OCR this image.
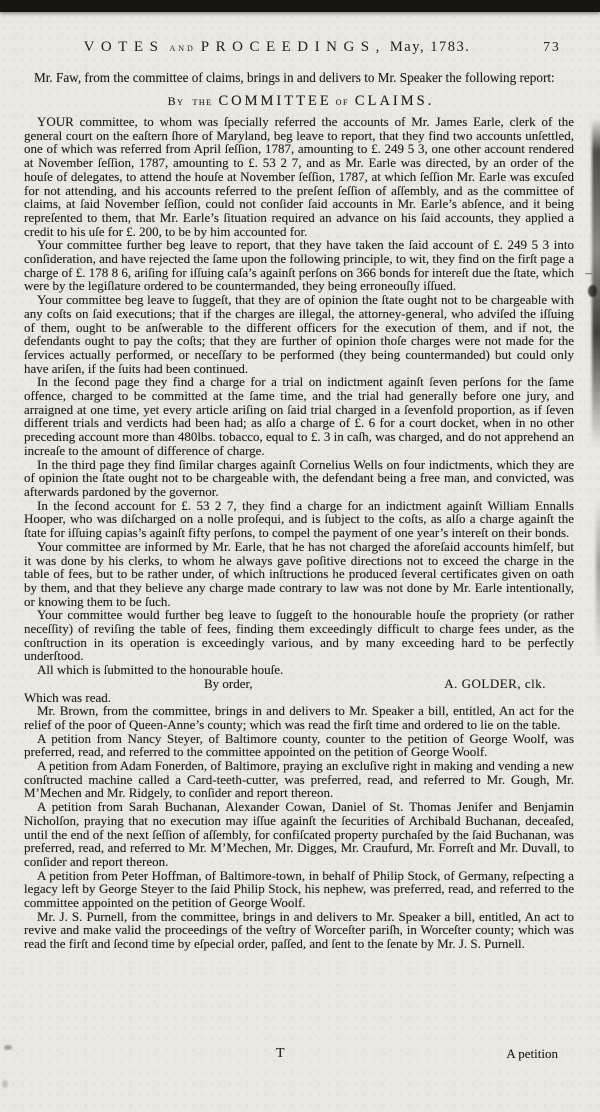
VOTES and PROCEEDINGS, May, 1783.	73

Mr. Faw, from the committee of claims, brings in and delivers to Mr. Speaker the following report:

By the COMMITTEE of CLAIMS.

YOUR committee, to whom was ſpecially referred the accounts of Mr. James Earle, clerk of the general court on the eaſtern ſhore of Maryland, beg leave to report, that they find two accounts unſettled, one of which was referred from April ſeſſion, 1787, amounting to £. 249 5 3, one other account rendered at November ſeſſion, 1787, amounting to £. 53 2 7, and as Mr. Earle was directed, by an order of the houſe of delegates, to attend the houſe at November ſeſſion, 1787, at which ſeſſion Mr. Earle was excuſed for not attending, and his accounts referred to the preſent ſeſſion of aſſembly, and as the committee of claims, at ſaid November ſeſſion, could not conſider ſaid accounts in Mr. Earle’s abſence, and it being repreſented to them, that Mr. Earle’s ſituation required an advance on his ſaid accounts, they applied a credit to his uſe for £. 200, to be by him accounted for.

Your committee further beg leave to report, that they have taken the ſaid account of £. 249 5 3 into conſideration, and have rejected the ſame upon the following principle, to wit, they find on the firſt page a charge of £. 178 8 6, ariſing for iſſuing caſa’s againſt perſons on 366 bonds for intereſt due the ſtate, which were by the legiſlature ordered to be countermanded, they being erroneouſly iſſued.

Your committee beg leave to ſuggeſt, that they are of opinion the ſtate ought not to be chargeable with any coſts on ſaid executions; that if the charges are illegal, the attorney-general, who adviſed the iſſuing of them, ought to be anſwerable to the different officers for the execution of them, and if not, the defendants ought to pay the coſts; that they are further of opinion thoſe charges were not made for the ſervices actually performed, or neceſſary to be performed (they being countermanded) but could only have ariſen, if the ſuits had been continued.

In the ſecond page they find a charge for a trial on indictment againſt ſeven perſons for the ſame offence, charged to be committed at the ſame time, and the trial had generally before one jury, and arraigned at one time, yet every article ariſing on ſaid trial charged in a ſevenfold proportion, as if ſeven different trials and verdicts had been had; as alſo a charge of £. 6 for a court docket, when in no other preceding account more than 480lbs. tobacco, equal to £. 3 in caſh, was charged, and do not apprehend an increaſe to the amount of difference of charge.

In the third page they find ſimilar charges againſt Cornelius Wells on four indictments, which they are of opinion the ſtate ought not to be chargeable with, the defendant being a free man, and convicted, was afterwards pardoned by the governor.

In the ſecond account for £. 53 2 7, they find a charge for an indictment againſt William Ennalls Hooper, who was diſcharged on a nolle proſequi, and is ſubject to the coſts, as alſo a charge againſt the ſtate for iſſuing capias’s againſt fifty perſons, to compel the payment of one year’s intereſt on their bonds.

Your committee are informed by Mr. Earle, that he has not charged the aforeſaid accounts himſelf, but it was done by his clerks, to whom he always gave poſitive directions not to exceed the charge in the table of fees, but to be rather under, of which inſtructions he produced ſeveral certificates given on oath by them, and that they believe any charge made contrary to law was not done by Mr. Earle intentionally, or knowing them to be ſuch.

Your committee would further beg leave to ſuggeſt to the honourable houſe the propriety (or rather neceſſity) of reviſing the table of fees, finding them exceedingly difficult to charge fees under, as the conſtruction in its operation is exceedingly various, and by many exceeding hard to be perfectly underſtood.

All which is ſubmitted to the honourable houſe.

By order,	A. GOLDER, clk.

Which was read.

Mr. Brown, from the committee, brings in and delivers to Mr. Speaker a bill, entitled, An act for the relief of the poor of Queen-Anne’s county; which was read the firſt time and ordered to lie on the table.

A petition from Nancy Steyer, of Baltimore county, counter to the petition of George Woolf, was preferred, read, and referred to the committee appointed on the petition of George Woolf.

A petition from Adam Fonerden, of Baltimore, praying an excluſive right in making and vending a new conſtructed machine called a Card-teeth-cutter, was preferred, read, and referred to Mr. Gough, Mr. M’Mechen and Mr. Ridgely, to conſider and report thereon.

A petition from Sarah Buchanan, Alexander Cowan, Daniel of St. Thomas Jenifer and Benjamin Nicholſon, praying that no execution may iſſue againſt the ſecurities of Archibald Buchanan, deceaſed, until the end of the next ſeſſion of aſſembly, for confiſcated property purchaſed by the ſaid Buchanan, was preferred, read, and referred to Mr. M’Mechen, Mr. Digges, Mr. Craufurd, Mr. Forreſt and Mr. Duvall, to conſider and report thereon.

A petition from Peter Hoffman, of Baltimore-town, in behalf of Philip Stock, of Germany, reſpecting a legacy left by George Steyer to the ſaid Philip Stock, his nephew, was preferred, read, and referred to the committee appointed on the petition of George Woolf.

Mr. J. S. Purnell, from the committee, brings in and delivers to Mr. Speaker a bill, entitled, An act to revive and make valid the proceedings of the veſtry of Worceſter pariſh, in Worceſter county; which was read the firſt and ſecond time by eſpecial order, paſſed, and ſent to the ſenate by Mr. J. S. Purnell.

–
T	A petition
